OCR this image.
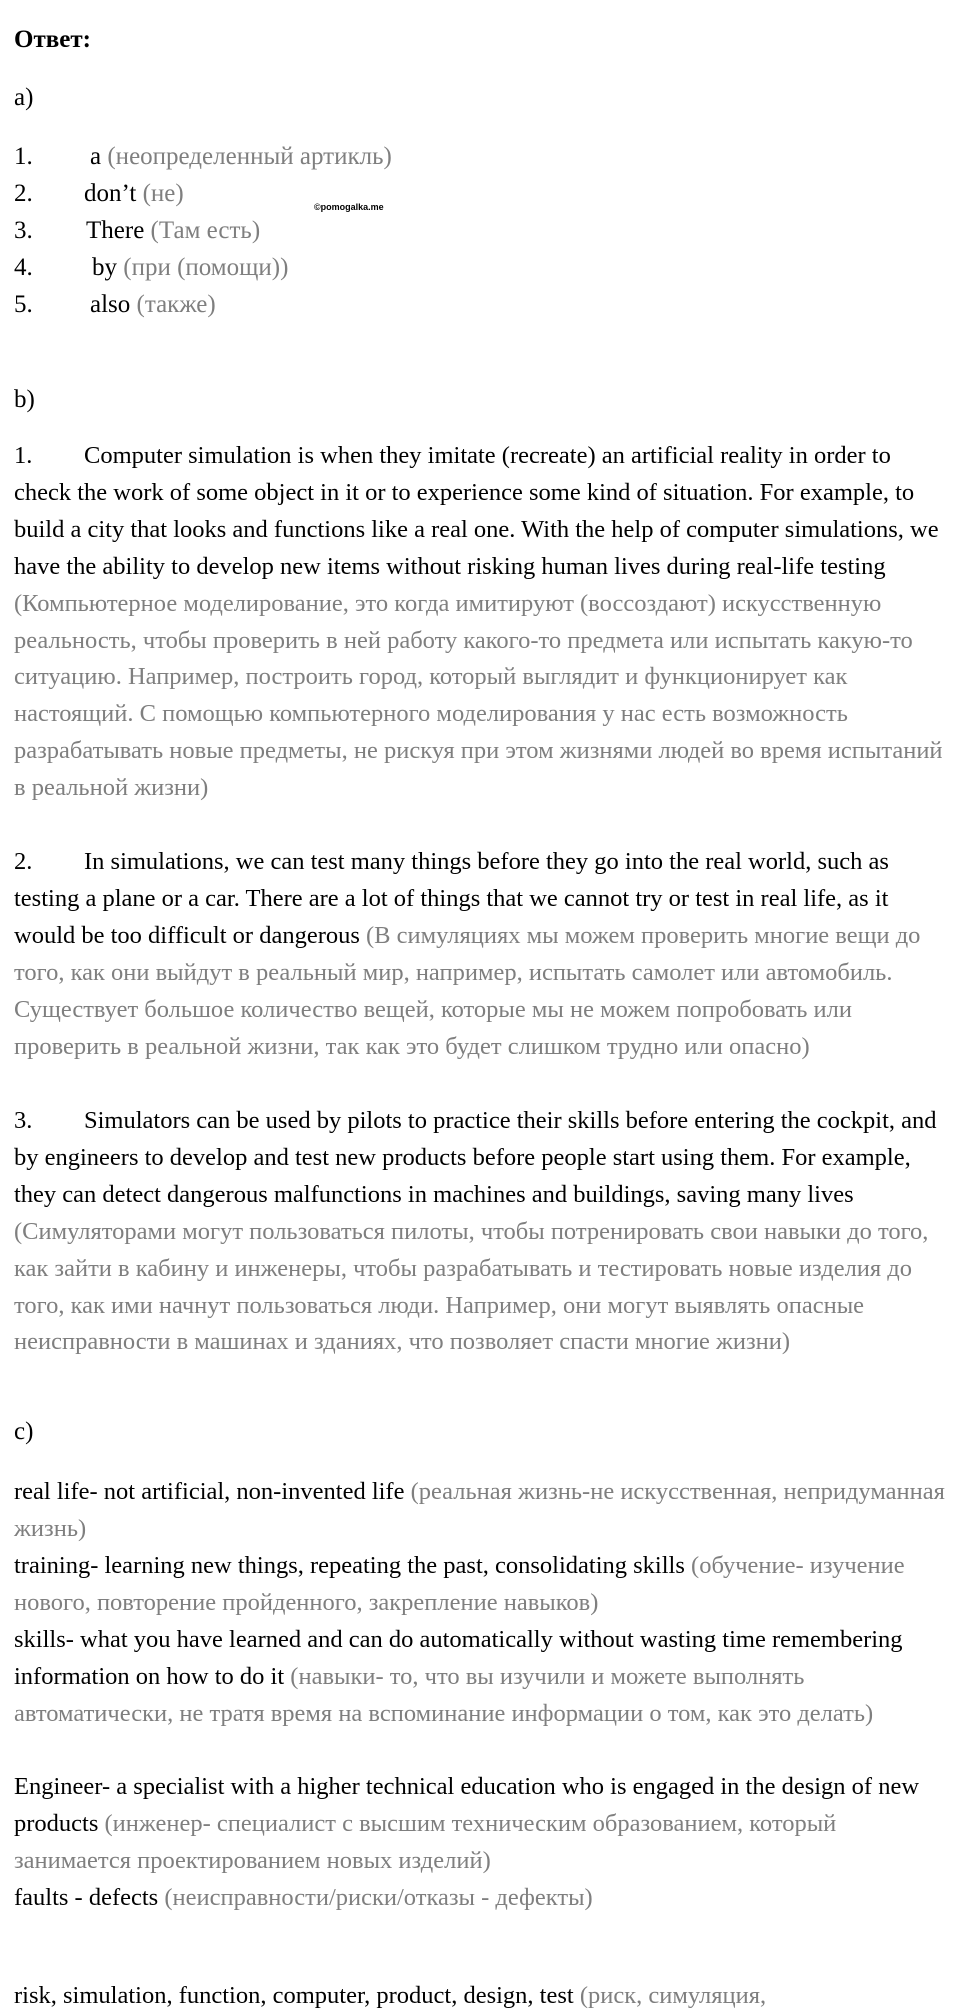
Ответ:
a)
1. a (неопределенный артикль)
2. don’t (не)
3. There (Там есть)
4. by (при (помощи))
5. also (также)
©pomogalka.me
b)

1. Computer simulation is when they imitate (recreate) an artificial reality in order to check the work of some object in it or to experience some kind of situation. For example, to build a city that looks and functions like a real one. With the help of computer simulations, we have the ability to develop new items without risking human lives during real-life testing (Компьютерное моделирование, это когда имитируют (воссоздают) искусственную реальность, чтобы проверить в ней работу какого-то предмета или испытать какую-то ситуацию. Например, построить город, который выглядит и функционирует как настоящий. С помощью компьютерного моделирования у нас есть возможность разрабатывать новые предметы, не рискуя при этом жизнями людей во время испытаний в реальной жизни)

2. In simulations, we can test many things before they go into the real world, such as testing a plane or a car. There are a lot of things that we cannot try or test in real life, as it would be too difficult or dangerous (В симуляциях мы можем проверить многие вещи до того, как они выйдут в реальный мир, например, испытать самолет или автомобиль. Существует большое количество вещей, которые мы не можем попробовать или проверить в реальной жизни, так как это будет слишком трудно или опасно)

3. Simulators can be used by pilots to practice their skills before entering the cockpit, and by engineers to develop and test new products before people start using them. For example, they can detect dangerous malfunctions in machines and buildings, saving many lives (Симуляторами могут пользоваться пилоты, чтобы потренировать свои навыки до того, как зайти в кабину и инженеры, чтобы разрабатывать и тестировать новые изделия до того, как ими начнут пользоваться люди. Например, они могут выявлять опасные неисправности в машинах и зданиях, что позволяет спасти многие жизни)

c)

real life- not artificial, non-invented life (реальная жизнь-не искусственная, непридуманная жизнь)

training- learning new things, repeating the past, consolidating skills (обучение- изучение нового, повторение пройденного, закрепление навыков)

skills- what you have learned and can do automatically without wasting time remembering information on how to do it (навыки- то, что вы изучили и можете выполнять автоматически, не тратя время на вспоминание информации о том, как это делать)

Engineer- a specialist with a higher technical education who is engaged in the design of new products (инженер- специалист с высшим техническим образованием, который занимается проектированием новых изделий)

faults - defects (неисправности/риски/отказы - дефекты)

risk, simulation, function, computer, product, design, test (риск, симуляция,
